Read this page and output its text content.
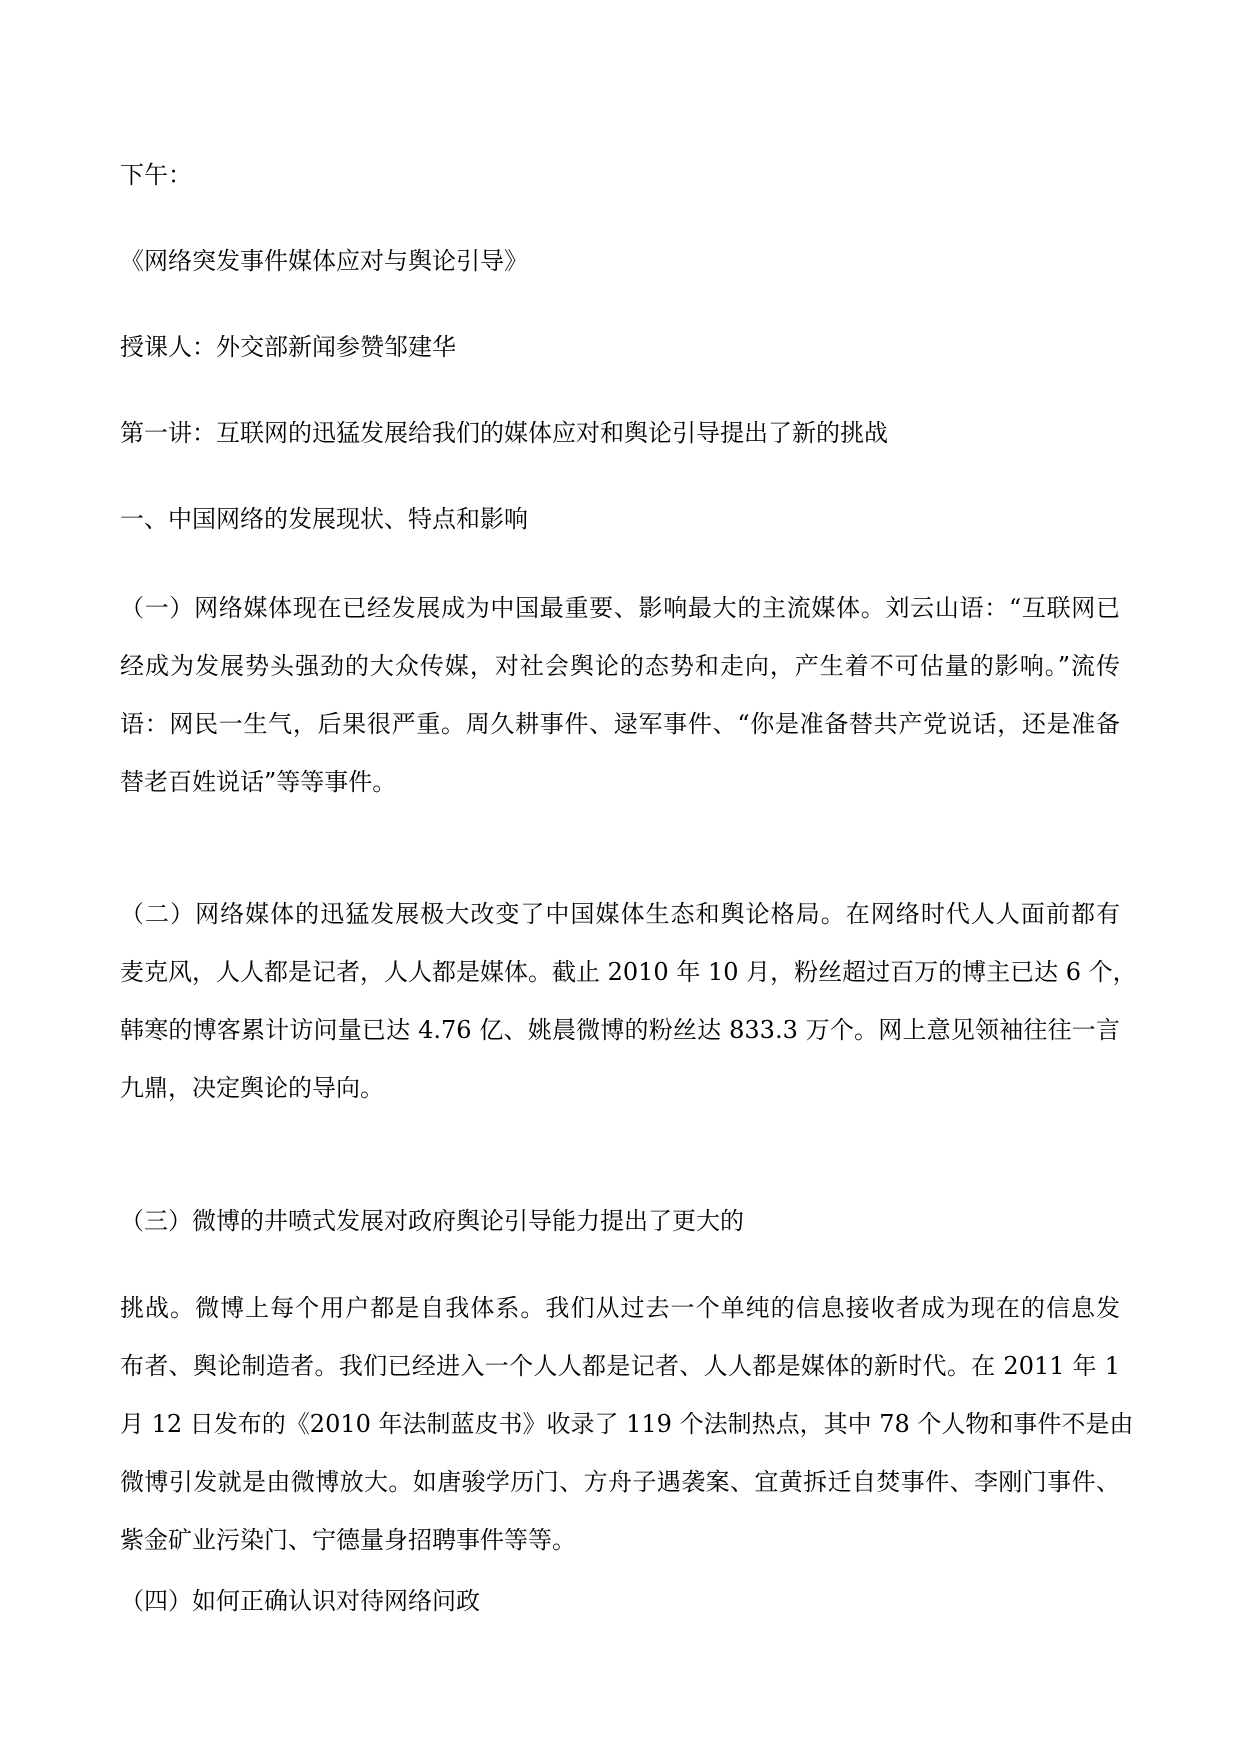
下午：
《网络突发事件媒体应对与舆论引导》
授课人：外交部新闻参赞邹建华
第一讲：互联网的迅猛发展给我们的媒体应对和舆论引导提出了新的挑战
一、中国网络的发展现状、特点和影响
（一）网络媒体现在已经发展成为中国最重要、影响最大的主流媒体。刘云山语：“互联网已
经成为发展势头强劲的大众传媒，对社会舆论的态势和走向，产生着不可估量的影响。”流传
语：网民一生气，后果很严重。周久耕事件、逯军事件、“你是准备替共产党说话，还是准备
替老百姓说话”等等事件。
（二）网络媒体的迅猛发展极大改变了中国媒体生态和舆论格局。在网络时代人人面前都有
麦克风，人人都是记者，人人都是媒体。截止 2010 年 10 月，粉丝超过百万的博主已达 6 个，
韩寒的博客累计访问量已达 4.76 亿、姚晨微博的粉丝达 833.3 万个。网上意见领袖往往一言
九鼎，决定舆论的导向。
（三）微博的井喷式发展对政府舆论引导能力提出了更大的
挑战。微博上每个用户都是自我体系。我们从过去一个单纯的信息接收者成为现在的信息发
布者、舆论制造者。我们已经进入一个人人都是记者、人人都是媒体的新时代。在 2011 年 1
月 12 日发布的《2010 年法制蓝皮书》收录了 119 个法制热点，其中 78 个人物和事件不是由
微博引发就是由微博放大。如唐骏学历门、方舟子遇袭案、宜黄拆迁自焚事件、李刚门事件、
紫金矿业污染门、宁德量身招聘事件等等。
（四）如何正确认识对待网络问政
